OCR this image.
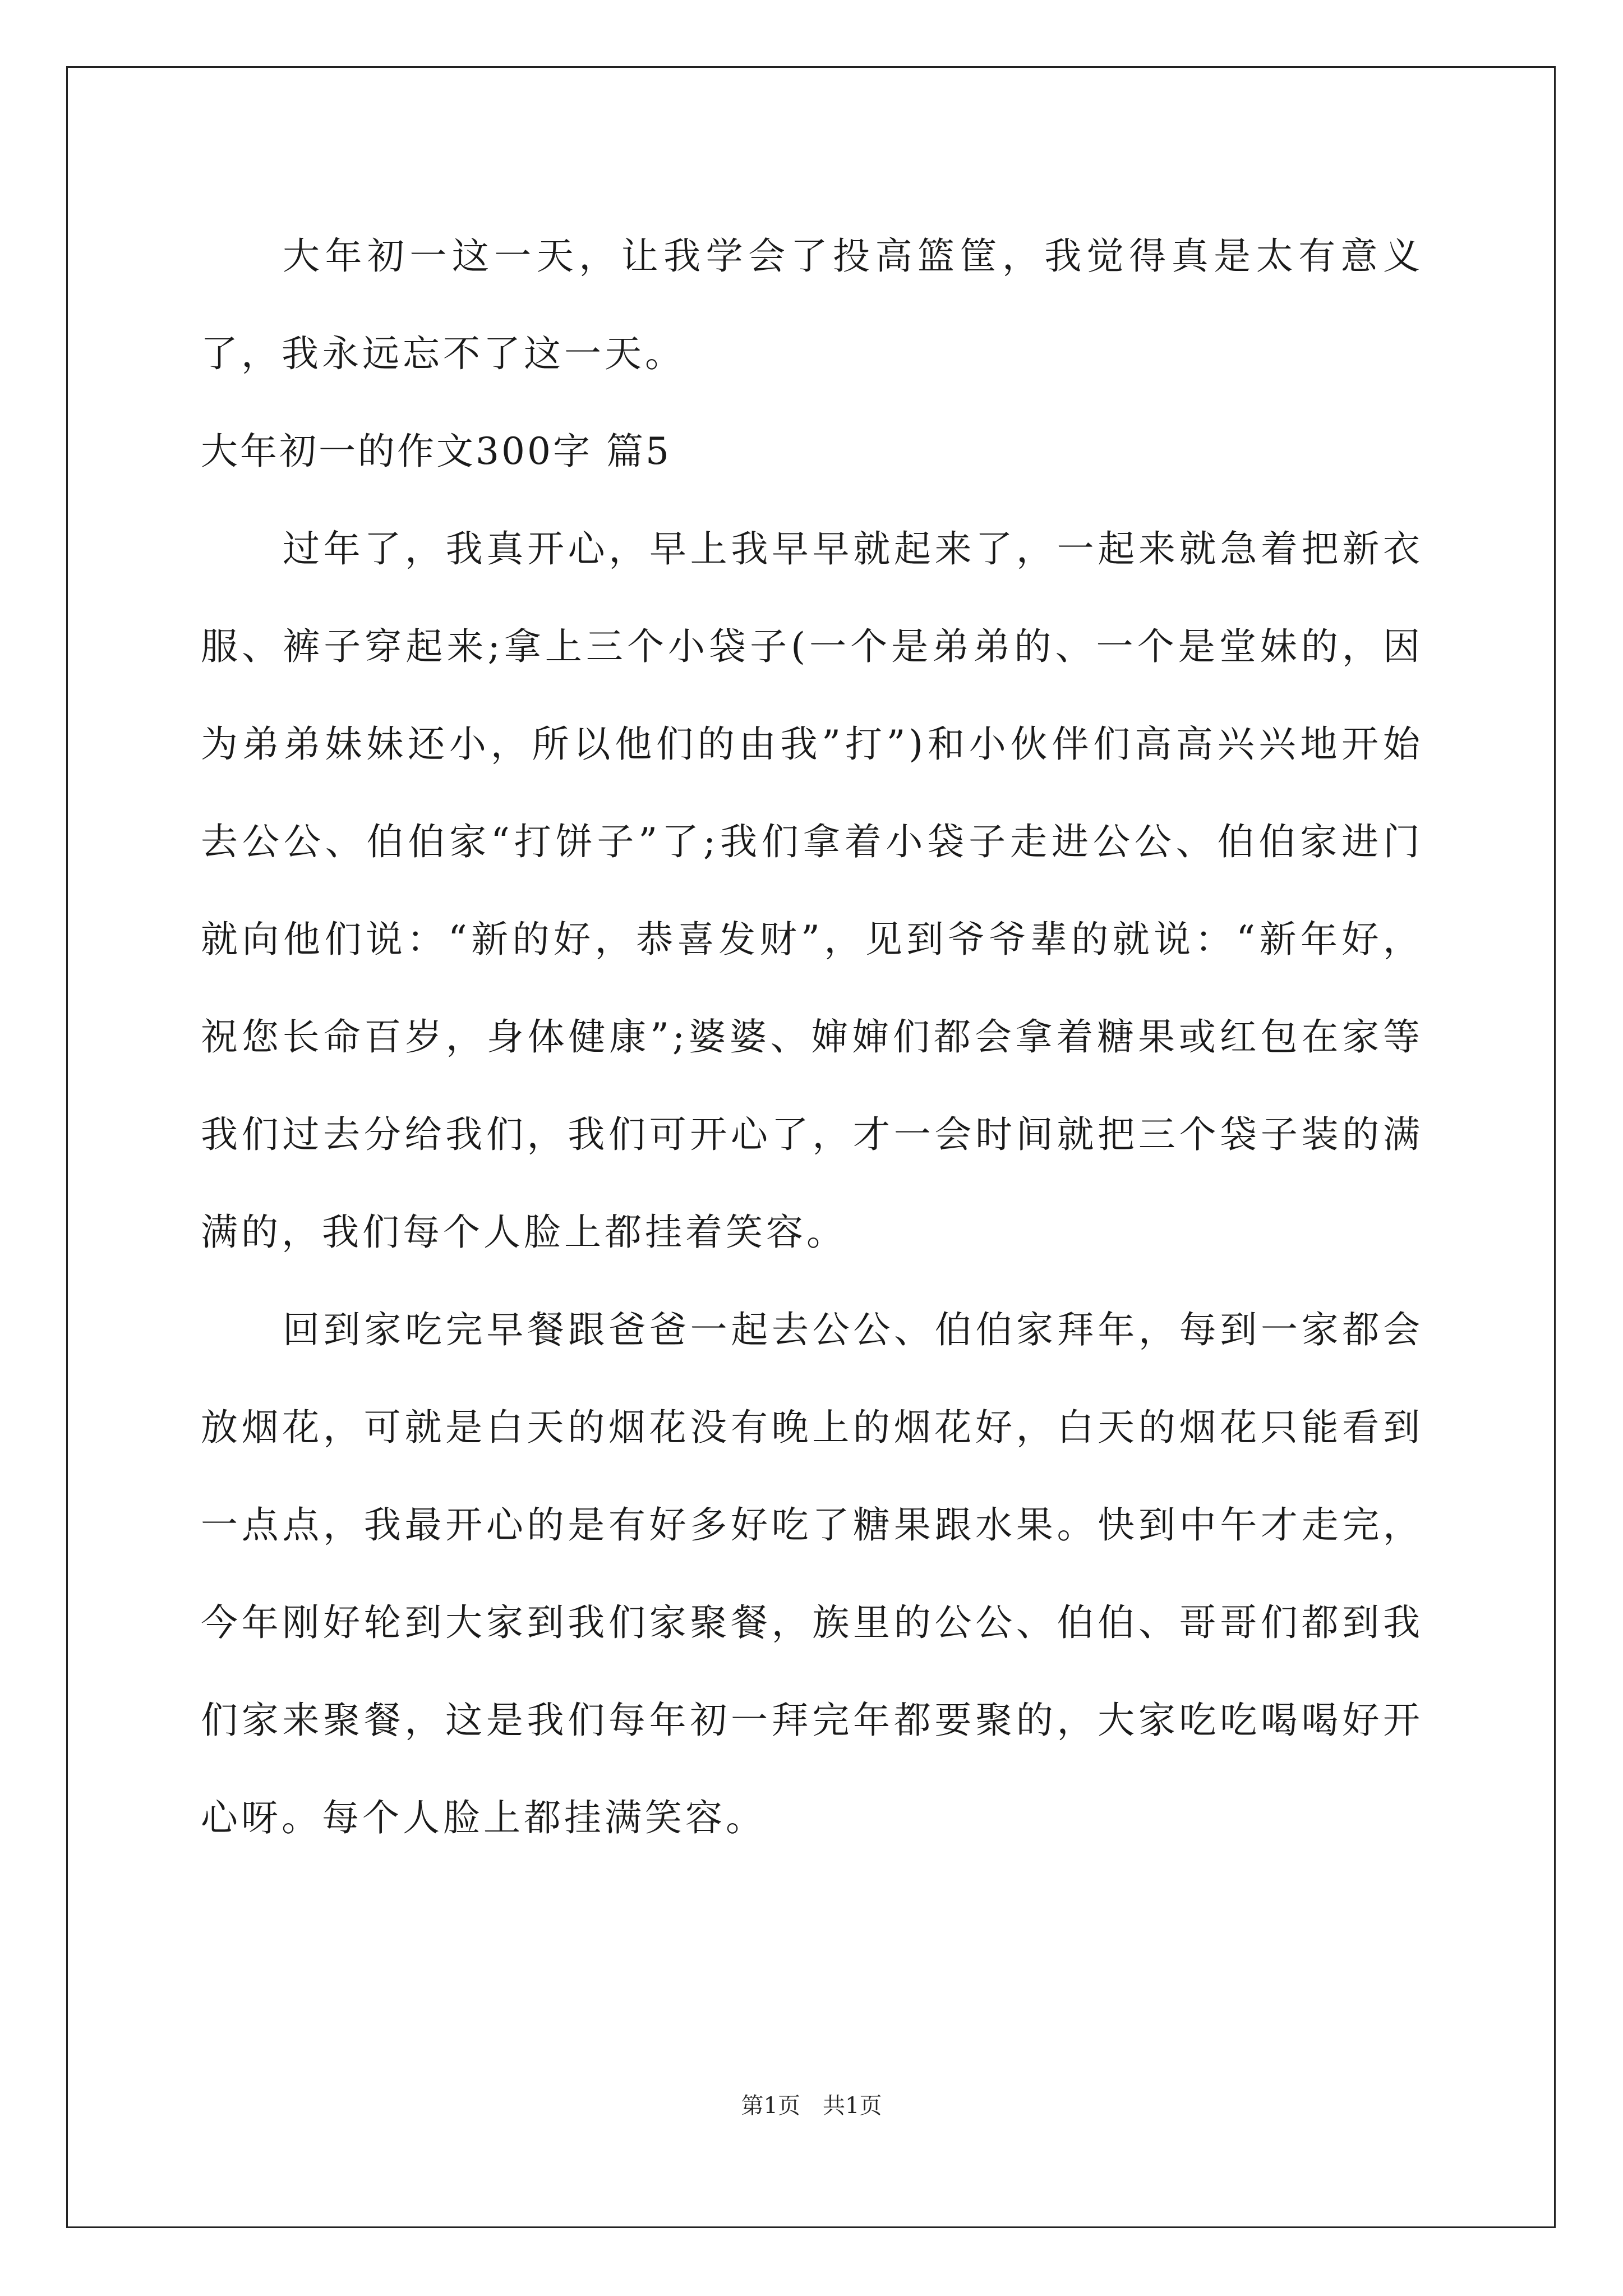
大年初一这一天，让我学会了投高篮筐，我觉得真是太有意义了，我永远忘不了这一天。

大年初一的作文300字 篇5

过年了，我真开心，早上我早早就起来了，一起来就急着把新衣服、裤子穿起来;拿上三个小袋子(一个是弟弟的、一个是堂妹的，因为弟弟妹妹还小，所以他们的由我”打”)和小伙伴们高高兴兴地开始去公公、伯伯家“打饼子”了;我们拿着小袋子走进公公、伯伯家进门就向他们说：“新的好，恭喜发财”，见到爷爷辈的就说：“新年好，祝您长命百岁，身体健康”;婆婆、婶婶们都会拿着糖果或红包在家等我们过去分给我们，我们可开心了，才一会时间就把三个袋子装的满满的，我们每个人脸上都挂着笑容。

回到家吃完早餐跟爸爸一起去公公、伯伯家拜年，每到一家都会放烟花，可就是白天的烟花没有晚上的烟花好，白天的烟花只能看到一点点，我最开心的是有好多好吃了糖果跟水果。快到中午才走完，今年刚好轮到大家到我们家聚餐，族里的公公、伯伯、哥哥们都到我们家来聚餐，这是我们每年初一拜完年都要聚的，大家吃吃喝喝好开心呀。每个人脸上都挂满笑容。

第1页　共1页
